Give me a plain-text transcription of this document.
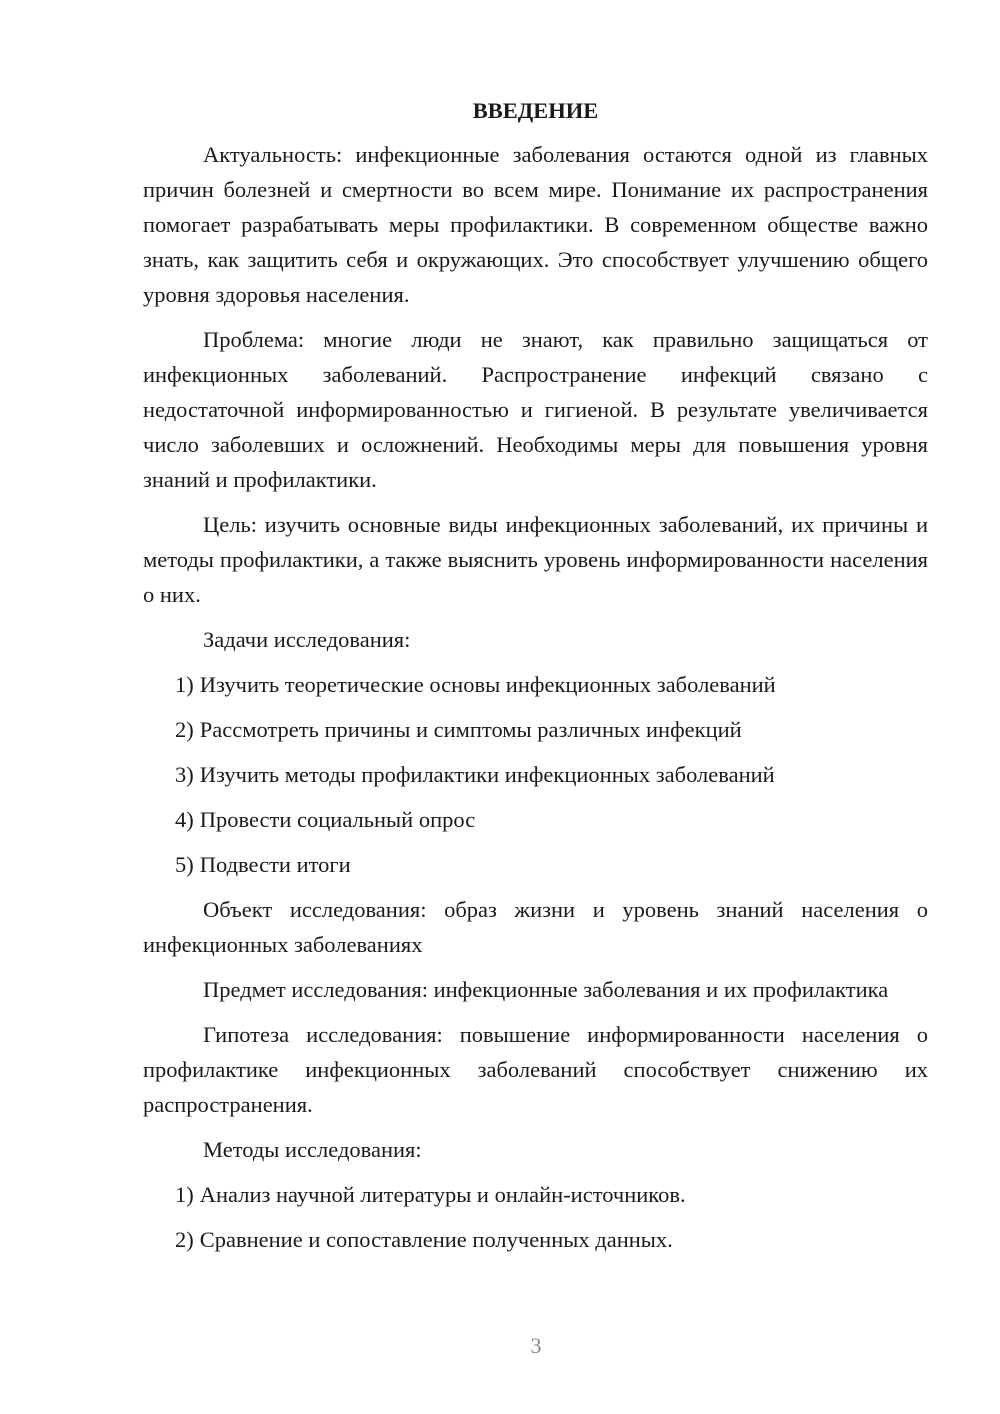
ВВЕДЕНИЕ

Актуальность: инфекционные заболевания остаются одной из главных причин болезней и смертности во всем мире. Понимание их распространения помогает разрабатывать меры профилактики. В современном обществе важно знать, как защитить себя и окружающих. Это способствует улучшению общего уровня здоровья населения.

Проблема: многие люди не знают, как правильно защищаться от инфекционных заболеваний. Распространение инфекций связано с недостаточной информированностью и гигиеной. В результате увеличивается число заболевших и осложнений. Необходимы меры для повышения уровня знаний и профилактики.

Цель: изучить основные виды инфекционных заболеваний, их причины и методы профилактики, а также выяснить уровень информированности населения о них.

Задачи исследования:

1) Изучить теоретические основы инфекционных заболеваний
2) Рассмотреть причины и симптомы различных инфекций
3) Изучить методы профилактики инфекционных заболеваний
4) Провести социальный опрос
5) Подвести итоги

Объект исследования: образ жизни и уровень знаний населения о инфекционных заболеваниях

Предмет исследования: инфекционные заболевания и их профилактика

Гипотеза исследования: повышение информированности населения о профилактике инфекционных заболеваний способствует снижению их распространения.

Методы исследования:

1) Анализ научной литературы и онлайн-источников.
2) Сравнение и сопоставление полученных данных.
3
